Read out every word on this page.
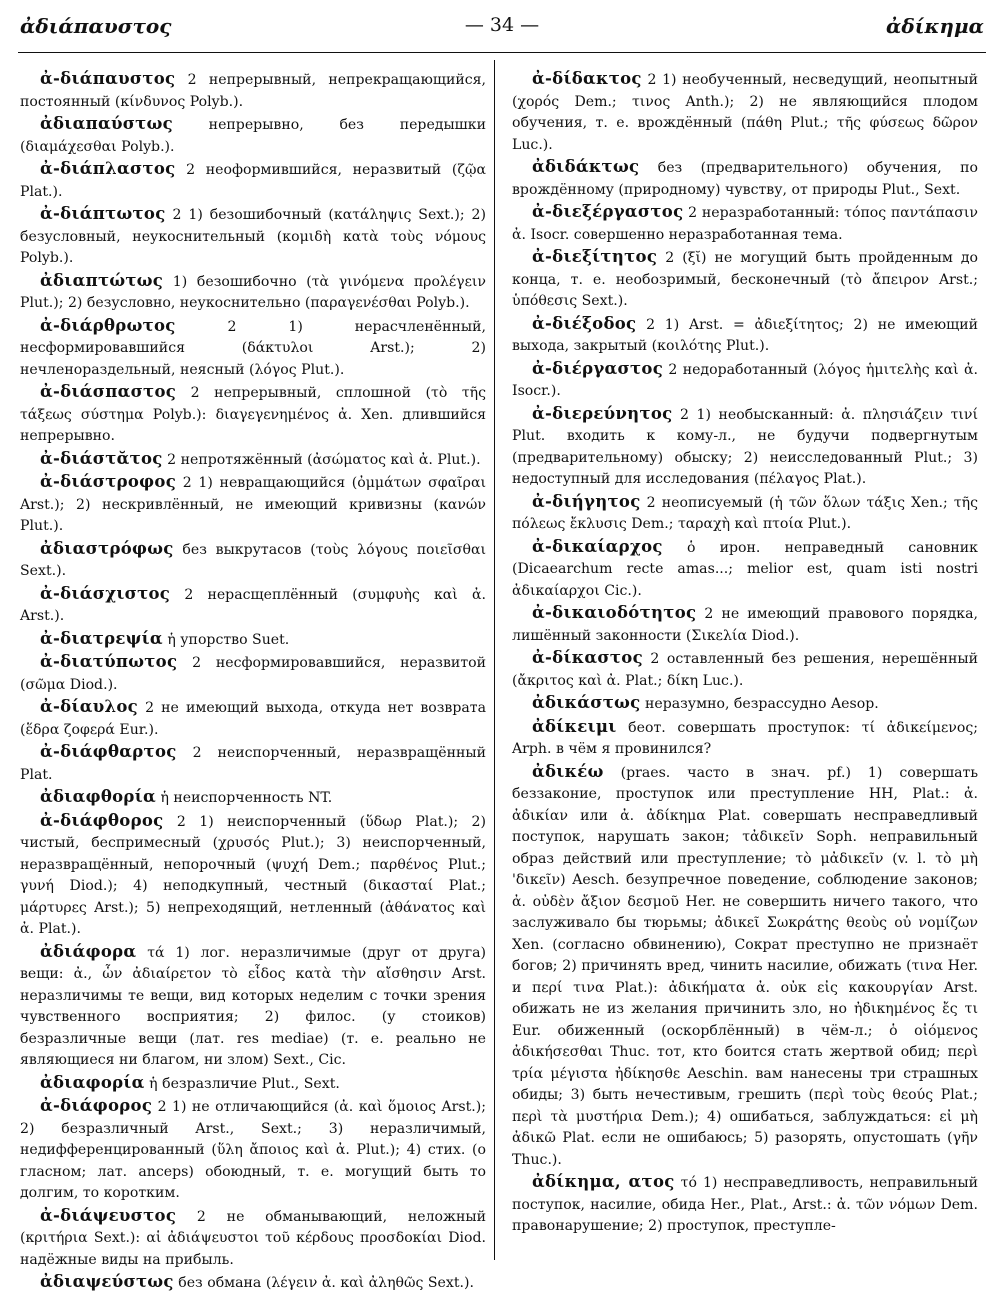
— 34 —
ἀδιάπαυστος	ἀδίκημα

ἀ-διάπαυστος 2 непрерывный, непрекращающийся, постоянный (κίνδυνος Polyb.).

ἀδιαπαύστως непрерывно, без передышки (διαμάχεσθαι Polyb.).

ἀ-διάπλαστος 2 неоформившийся, неразвитый (ζῷα Plat.).

ἀ-διάπτωτος 2 1) безошибочный (κατάληψις Sext.); 2) безусловный, неукоснительный (κομιδὴ κατὰ τοὺς νόμους Polyb.).

ἀδιαπτώτως 1) безошибочно (τὰ γινόμενα προλέγειν Plut.); 2) безусловно, неукоснительно (παραγενέσθαι Polyb.).

ἀ-διάρθρωτος 2 1) нерасчленённый, несформировавшийся (δάκτυλοι Arst.); 2) нечленораздельный, неясный (λόγος Plut.).

ἀ-διάσπαστος 2 непрерывный, сплошной (τὸ τῆς τάξεως σύστημα Polyb.): διαγεγενημένος ἀ. Xen. длившийся непрерывно.

ἀ-διάστᾰτος 2 непротяжённый (ἀσώματος καὶ ἀ. Plut.).

ἀ-διάστροφος 2 1) невращающийся (ὀμμάτων σφαῖραι Arst.); 2) нескривлённый, не имеющий кривизны (κανών Plut.).

ἀδιαστρόφως без выкрутасов (τοὺς λόγους ποιεῖσθαι Sext.).

ἀ-διάσχιστος 2 нерасщеплённый (συμφυὴς καὶ ἀ. Arst.).

ἀ-διατρεψία ἡ упорство Suet.

ἀ-διατύπωτος 2 несформировавшийся, неразвитой (σῶμα Diod.).

ἀ-δίαυλος 2 не имеющий выхода, откуда нет возврата (ἕδρα ζοφερά Eur.).

ἀ-διάφθαρτος 2 неиспорченный, неразвращённый Plat.

ἀδιαφθορία ἡ неиспорченность NT.

ἀ-διάφθορος 2 1) неиспорченный (ὕδωρ Plat.); 2) чистый, беспримесный (χρυσός Plut.); 3) неиспорченный, неразвращённый, непорочный (ψυχή Dem.; παρθένος Plut.; γυνή Diod.); 4) неподкупный, честный (δικασταί Plat.; μάρτυρες Arst.); 5) непреходящий, нетленный (ἀθάνατος καὶ ἀ. Plat.).

ἀδιάφορα τά 1) лог. неразличимые (друг от друга) вещи: ἀ., ὧν ἀδιαίρετον τὸ εἶδος κατὰ τὴν αἴσθησιν Arst. неразличимы те вещи, вид которых неделим с точки зрения чувственного восприятия; 2) филос. (у стоиков) безразличные вещи (лат. res mediae) (т. е. реально не являющиеся ни благом, ни злом) Sext., Cic.

ἀδιαφορία ἡ безразличие Plut., Sext.

ἀ-διάφορος 2 1) не отличающийся (ἀ. καὶ ὅμοιος Arst.); 2) безразличный Arst., Sext.; 3) неразличимый, недифференцированный (ὕλη ἄποιος καὶ ἀ. Plut.); 4) стих. (о гласном; лат. anceps) обоюдный, т. е. могущий быть то долгим, то коротким.

ἀ-διάψευστος 2 не обманывающий, неложный (κριτήρια Sext.): αἱ ἀδιάψευστοι τοῦ κέρδους προσδοκίαι Diod. надёжные виды на прибыль.

ἀδιαψεύστως без обмана (λέγειν ἀ. καὶ ἀληθῶς Sext.).

ἀ-δίδακτος 2 1) необученный, несведущий, неопытный (χορός Dem.; τινος Anth.); 2) не являющийся плодом обучения, т. е. врождённый (πάθη Plut.; τῆς φύσεως δῶρον Luc.).

ἀδιδάκτως без (предварительного) обучения, по врождённому (природному) чувству, от природы Plut., Sext.

ἀ-διεξέργαστος 2 неразработанный: τόπος παντάπασιν ἀ. Isocr. совершенно неразработанная тема.

ἀ-διεξίτητος 2 (ξῐ) не могущий быть пройденным до конца, т. е. необозримый, бесконечный (τὸ ἄπειρον Arst.; ὑπόθεσις Sext.).

ἀ-διέξοδος 2 1) Arst. = ἀδιεξίτητος; 2) не имеющий выхода, закрытый (κοιλότης Plut.).

ἀ-διέργαστος 2 недоработанный (λόγος ἡμιτελὴς καὶ ἀ. Isocr.).

ἀ-διερεύνητος 2 1) необысканный: ἀ. πλησιάζειν τινί Plut. входить к кому-л., не будучи подвергнутым (предварительному) обыску; 2) неисследованный Plut.; 3) недоступный для исследования (πέλαγος Plat.).

ἀ-διήγητος 2 неописуемый (ἡ τῶν ὅλων τάξις Xen.; τῆς πόλεως ἔκλυσις Dem.; ταραχὴ καὶ πτοία Plut.).

ἀ-δικαίαρχος ὁ ирон. неправедный сановник (Dicaearchum recte amas...; melior est, quam isti nostri ἀδικαίαρχοι Cic.).

ἀ-δικαιοδότητος 2 не имеющий правового порядка, лишённый законности (Σικελία Diod.).

ἀ-δίκαστος 2 оставленный без решения, нерешённый (ἄκριτος καὶ ἀ. Plat.; δίκη Luc.).

ἀδικάστως неразумно, безрассудно Aesop.

ἀδίκειμι беот. совершать проступок: τί ἀδικείμενος; Arph. в чём я провинился?

ἀδικέω (praes. часто в знач. pf.) 1) совершать беззаконие, проступок или преступление НН, Plat.: ἀ. ἀδικίαν или ἀ. ἀδίκημα Plat. совершать несправедливый поступок, нарушать закон; τἀδικεῖν Soph. неправильный образ действий или преступление; τὸ μἀδικεῖν (v. l. τὸ μὴ 'δικεῖν) Aesch. безупречное поведение, соблюдение законов; ἀ. οὐδὲν ἄξιον δεσμοῦ Her. не совершить ничего такого, что заслуживало бы тюрьмы; ἀδικεῖ Σωκράτης θεοὺς οὐ νομίζων Xen. (согласно обвинению), Сократ преступно не признаёт богов; 2) причинять вред, чинить насилие, обижать (τινα Her. и περί τινα Plat.): ἀδικήματα ἀ. οὐκ εἰς κακουργίαν Arst. обижать не из желания причинить зло, но ἠδικημένος ἔς τι Eur. обиженный (оскорблённый) в чём-л.; ὁ οἰόμενος ἀδικήσεσθαι Thuc. тот, кто боится стать жертвой обид; περὶ τρία μέγιστα ἠδίκησθε Aeschin. вам нанесены три страшных обиды; 3) быть нечестивым, грешить (περὶ τοὺς θεούς Plat.; περὶ τὰ μυστήρια Dem.); 4) ошибаться, заблуждаться: εἰ μὴ ἀδικῶ Plat. если не ошибаюсь; 5) разорять, опустошать (γῆν Thuc.).

ἀδίκημα, ατος τό 1) несправедливость, неправильный поступок, насилие, обида Her., Plat., Arst.: ἀ. τῶν νόμων Dem. правонарушение; 2) проступок, преступле-
